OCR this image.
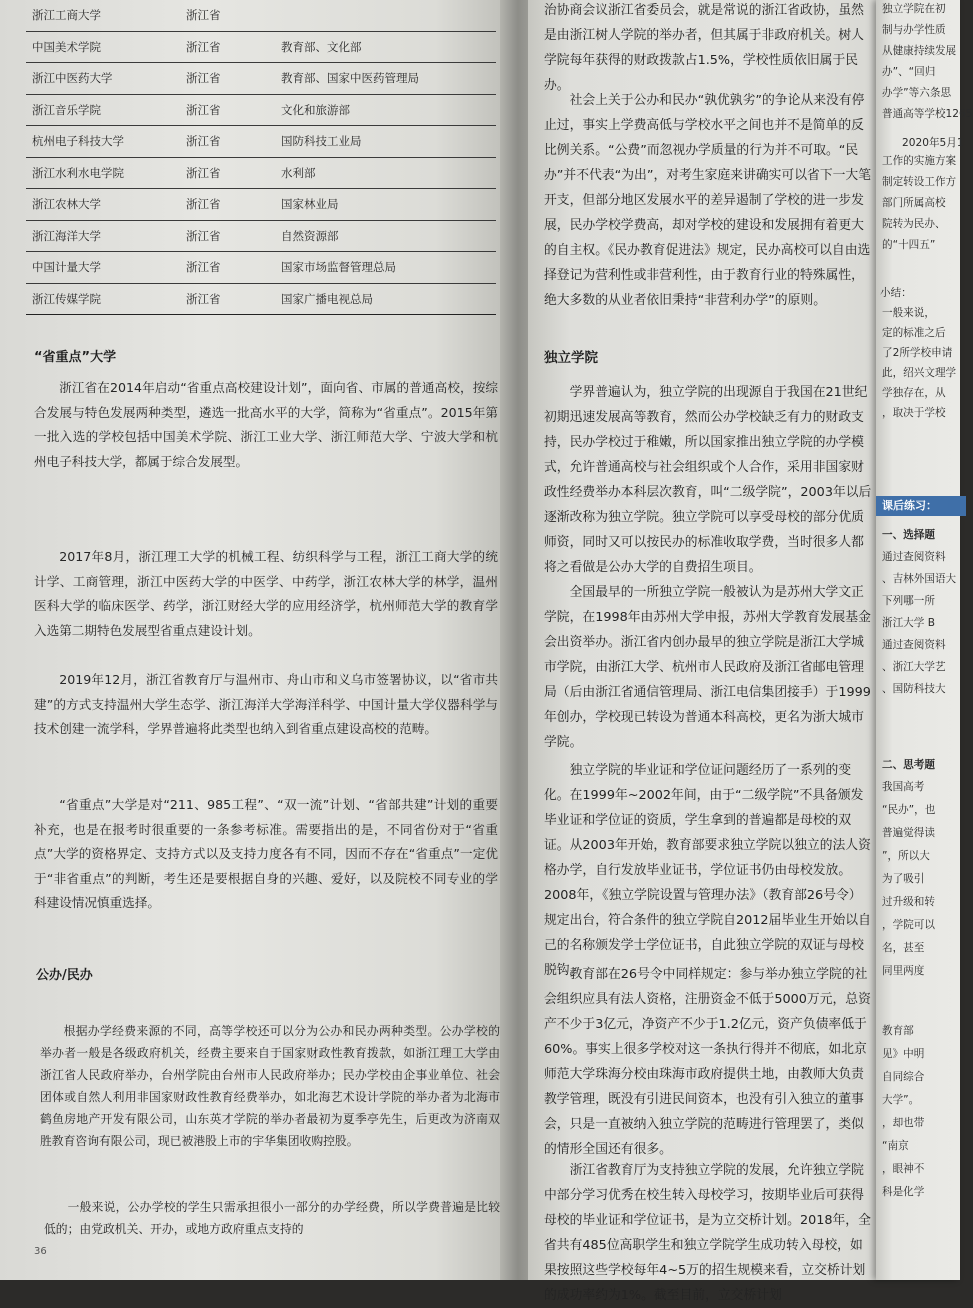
浙江工商大学	浙江省
中国美术学院	浙江省	教育部、文化部
浙江中医药大学	浙江省	教育部、国家中医药管理局
浙江音乐学院	浙江省	文化和旅游部
杭州电子科技大学	浙江省	国防科技工业局
浙江水利水电学院	浙江省	水利部
浙江农林大学	浙江省	国家林业局
浙江海洋大学	浙江省	自然资源部
中国计量大学	浙江省	国家市场监督管理总局
浙江传媒学院	浙江省	国家广播电视总局
“省重点”大学
浙江省在2014年启动“省重点高校建设计划”，面向省、市属的普通高校，按综合发展与特色发展两种类型，遴选一批高水平的大学，简称为“省重点”。2015年第一批入选的学校包括中国美术学院、浙江工业大学、浙江师范大学、宁波大学和杭州电子科技大学，都属于综合发展型。
2017年8月，浙江理工大学的机械工程、纺织科学与工程，浙江工商大学的统计学、工商管理，浙江中医药大学的中医学、中药学，浙江农林大学的林学，温州医科大学的临床医学、药学，浙江财经大学的应用经济学，杭州师范大学的教育学入选第二期特色发展型省重点建设计划。
2019年12月，浙江省教育厅与温州市、舟山市和义乌市签署协议，以“省市共建”的方式支持温州大学生态学、浙江海洋大学海洋科学、中国计量大学仪器科学与技术创建一流学科，学界普遍将此类型也纳入到省重点建设高校的范畴。
“省重点”大学是对“211、985工程”、“双一流”计划、“省部共建”计划的重要补充，也是在报考时很重要的一条参考标准。需要指出的是，不同省份对于“省重点”大学的资格界定、支持方式以及支持力度各有不同，因而不存在“省重点”一定优于“非省重点”的判断，考生还是要根据自身的兴趣、爱好，以及院校不同专业的学科建设情况慎重选择。
公办/民办
根据办学经费来源的不同，高等学校还可以分为公办和民办两种类型。公办学校的举办者一般是各级政府机关，经费主要来自于国家财政性教育拨款，如浙江理工大学由浙江省人民政府举办，台州学院由台州市人民政府举办；民办学校由企事业单位、社会团体或自然人利用非国家财政性教育经费举办，如北海艺术设计学院的举办者为北海市鹤鱼房地产开发有限公司，山东英才学院的举办者最初为夏季亭先生，后更改为济南双胜教育咨询有限公司，现已被港股上市的宇华集团收购控股。
一般来说，公办学校的学生只需承担很小一部分的办学经费，所以学费普遍是比较低的；由党政机关、开办，或地方政府重点支持的
36
治协商会议浙江省委员会，就是常说的浙江省政协，虽然是由浙江树人学院的举办者，但其属于非政府机关。树人学院每年获得的财政拨款占1.5%，学校性质依旧属于民办。
社会上关于公办和民办“孰优孰劣”的争论从来没有停止过，事实上学费高低与学校水平之间也并不是简单的反比例关系。“公费”而忽视办学质量的行为并不可取。“民办”并不代表“为出”，对考生家庭来讲确实可以省下一大笔开支，但部分地区发展水平的差异遏制了学校的进一步发展，民办学校学费高，却对学校的建设和发展拥有着更大的自主权。《民办教育促进法》规定，民办高校可以自由选择登记为营利性或非营利性，由于教育行业的特殊属性，绝大多数的从业者依旧秉持“非营利办学”的原则。
独立学院
学界普遍认为，独立学院的出现源自于我国在21世纪初期迅速发展高等教育，然而公办学校缺乏有力的财政支持，民办学校过于稚嫩，所以国家推出独立学院的办学模式，允许普通高校与社会组织或个人合作，采用非国家财政性经费举办本科层次教育，叫“二级学院”，2003年以后逐渐改称为独立学院。独立学院可以享受母校的部分优质师资，同时又可以按民办的标准收取学费，当时很多人都将之看做是公办大学的自费招生项目。
全国最早的一所独立学院一般被认为是苏州大学文正学院，在1998年由苏州大学申报，苏州大学教育发展基金会出资举办。浙江省内创办最早的独立学院是浙江大学城市学院，由浙江大学、杭州市人民政府及浙江省邮电管理局（后由浙江省通信管理局、浙江电信集团接手）于1999年创办，学校现已转设为普通本科高校，更名为浙大城市学院。
独立学院的毕业证和学位证问题经历了一系列的变化。在1999年~2002年间，由于“二级学院”不具备颁发毕业证和学位证的资质，学生拿到的普遍都是母校的双证。从2003年开始，教育部要求独立学院以独立的法人资格办学，自行发放毕业证书，学位证书仍由母校发放。2008年，《独立学院设置与管理办法》（教育部26号令）规定出台，符合条件的独立学院自2012届毕业生开始以自己的名称颁发学士学位证书，自此独立学院的双证与母校脱钩。
教育部在26号令中同样规定：参与举办独立学院的社会组织应具有法人资格，注册资金不低于5000万元，总资产不少于3亿元，净资产不少于1.2亿元，资产负债率低于60%。事实上很多学校对这一条执行得并不彻底，如北京师范大学珠海分校由珠海市政府提供土地，由教师大负责教学管理，既没有引进民间资本，也没有引入独立的董事会，只是一直被纳入独立学院的范畴进行管理罢了，类似的情形全国还有很多。
浙江省教育厅为支持独立学院的发展，允许独立学院中部分学习优秀在校生转入母校学习，按期毕业后可获得母校的毕业证和学位证书，是为立交桥计划。2018年，全省共有485位高职学生和独立学院学生成功转入母校，如果按照这些学校每年4~5万的招生规模来看，立交桥计划的成功率约为1%。截至目前，立交桥计划
独立学院在初
制与办学性质
从健康持续发展
办”、“回归
办学”等六条思
普通高等学校1265
2020年5月1
工作的实施方案
制定转设工作方
部门所属高校
院转为民办、
的“十四五”
小结：
一般来说，
定的标准之后
了2所学校申请
此，绍兴文理学
学独存在，从
，取决于学校
课后练习：
一、选择题
通过查阅资料
、吉林外国语大
下列哪一所
浙江大学 B
通过查阅资料
、浙江大学艺
、国防科技大
二、思考题
我国高考
“民办”，也
普遍觉得读
”，所以大
为了吸引
过升级和转
，学院可以
名，甚至
同里两度
教育部
见》中明
自同综合
大学”。
，却也带
“南京
，眼神不
科是化学
